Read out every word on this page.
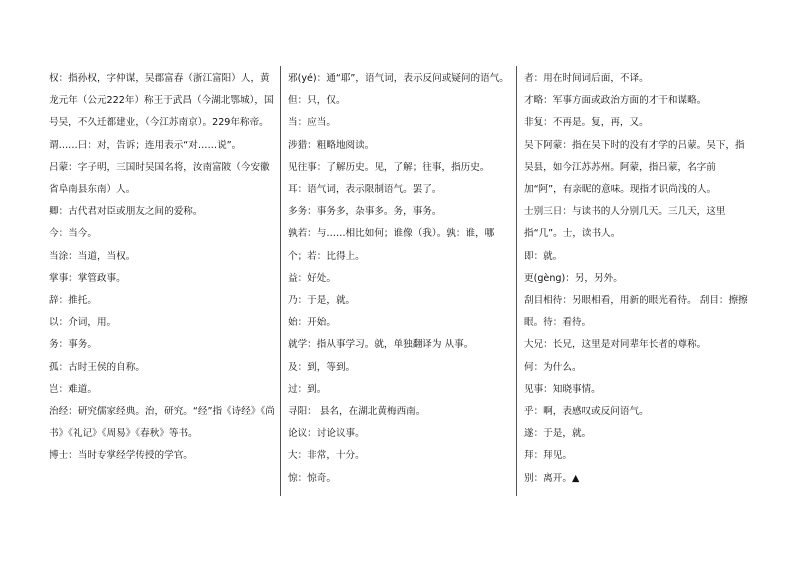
权：指孙权，字仲谋，吴郡富春（浙江富阳）人，黄龙元年（公元222年）称王于武昌（今湖北鄂城），国号吴，不久迁都建业，（今江苏南京）。229年称帝。

谓……曰：对，告诉；连用表示“对……说”。

吕蒙：字子明，三国时吴国名将，汝南富陂（今安徽省阜南县东南）人。

卿：古代君对臣或朋友之间的爱称。

今：当今。

当涂：当道，当权。

掌事：掌管政事。

辞：推托。

以：介词，用。

务：事务。

孤：古时王侯的自称。

岂：难道。

治经：研究儒家经典。治，研究。“经”指《诗经》《尚书》《礼记》《周易》《春秋》等书。

博士：当时专掌经学传授的学官。

邪(yé)：通“耶”，语气词，表示反问或疑问的语气。

但：只，仅。

当：应当。

涉猎：粗略地阅读。

见往事：了解历史。见，了解；往事，指历史。

耳：语气词，表示限制语气。罢了。

多务：事务多，杂事多。务，事务。

孰若：与……相比如何；谁像（我）。孰：谁，哪个；若：比得上。

益：好处。

乃：于是，就。

始：开始。

就学：指从事学习。就，单独翻译为 从事。

及：到，等到。

过：到。

寻阳： 县名，在湖北黄梅西南。

论议：讨论议事。

大：非常，十分。

惊：惊奇。

者：用在时间词后面，不译。

才略：军事方面或政治方面的才干和谋略。

非复：不再是。复，再，又。

吴下阿蒙：指在吴下时的没有才学的吕蒙。吴下，指吴县，如今江苏苏州。阿蒙，指吕蒙，名字前加“阿”，有亲昵的意味。现指才识尚浅的人。

士别三日：与读书的人分别几天。三几天，这里指“几”。士，读书人。

即：就。

更(gèng)：另，另外。

刮目相待：另眼相看，用新的眼光看待。 刮目：擦擦眼。待：看待。

大兄：长兄，这里是对同辈年长者的尊称。

何：为什么。

见事：知晓事情。

乎：啊，表感叹或反问语气。

遂：于是，就。

拜：拜见。

别：离开。▲
